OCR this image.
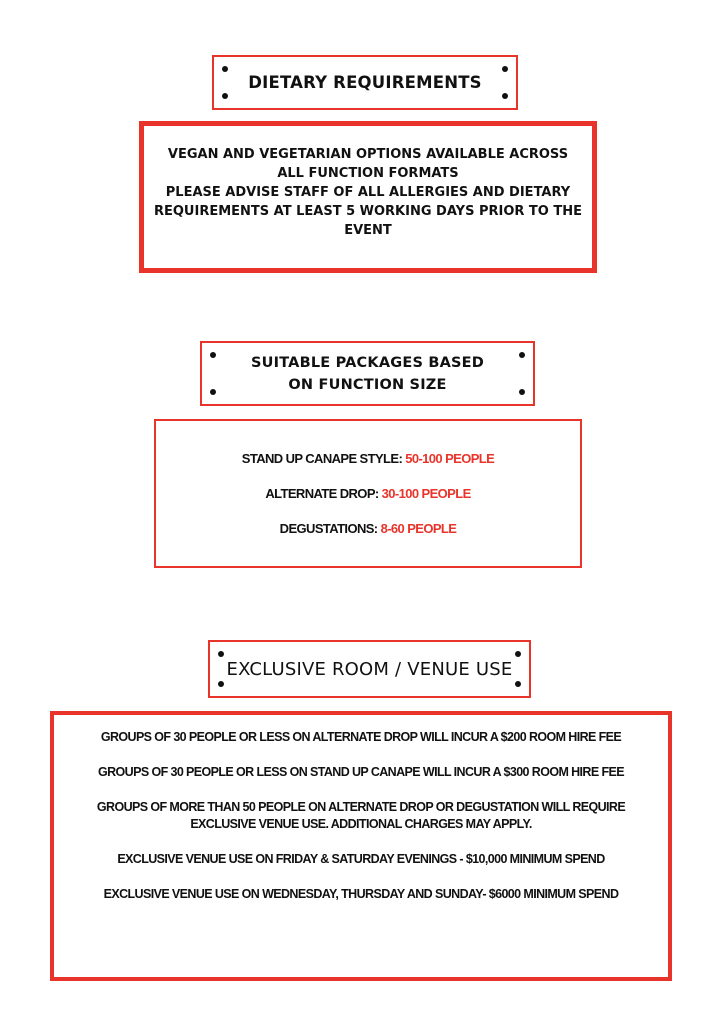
DIETARY REQUIREMENTS
VEGAN AND VEGETARIAN OPTIONS AVAILABLE ACROSS ALL FUNCTION FORMATS
PLEASE ADVISE STAFF OF ALL ALLERGIES AND DIETARY REQUIREMENTS AT LEAST 5 WORKING DAYS PRIOR TO THE EVENT
SUITABLE PACKAGES BASED ON FUNCTION SIZE
STAND UP CANAPE STYLE: 50-100 PEOPLE
ALTERNATE DROP: 30-100 PEOPLE
DEGUSTATIONS: 8-60 PEOPLE
EXCLUSIVE ROOM / VENUE USE
GROUPS OF 30 PEOPLE OR LESS ON ALTERNATE DROP WILL INCUR A $200 ROOM HIRE FEE
GROUPS OF 30 PEOPLE OR LESS ON STAND UP CANAPE WILL INCUR A $300 ROOM HIRE FEE
GROUPS OF MORE THAN 50 PEOPLE ON ALTERNATE DROP OR DEGUSTATION WILL REQUIRE EXCLUSIVE VENUE USE. ADDITIONAL CHARGES MAY APPLY.
EXCLUSIVE VENUE USE ON FRIDAY & SATURDAY EVENINGS - $10,000 MINIMUM SPEND
EXCLUSIVE VENUE USE ON WEDNESDAY, THURSDAY AND SUNDAY- $6000 MINIMUM SPEND
